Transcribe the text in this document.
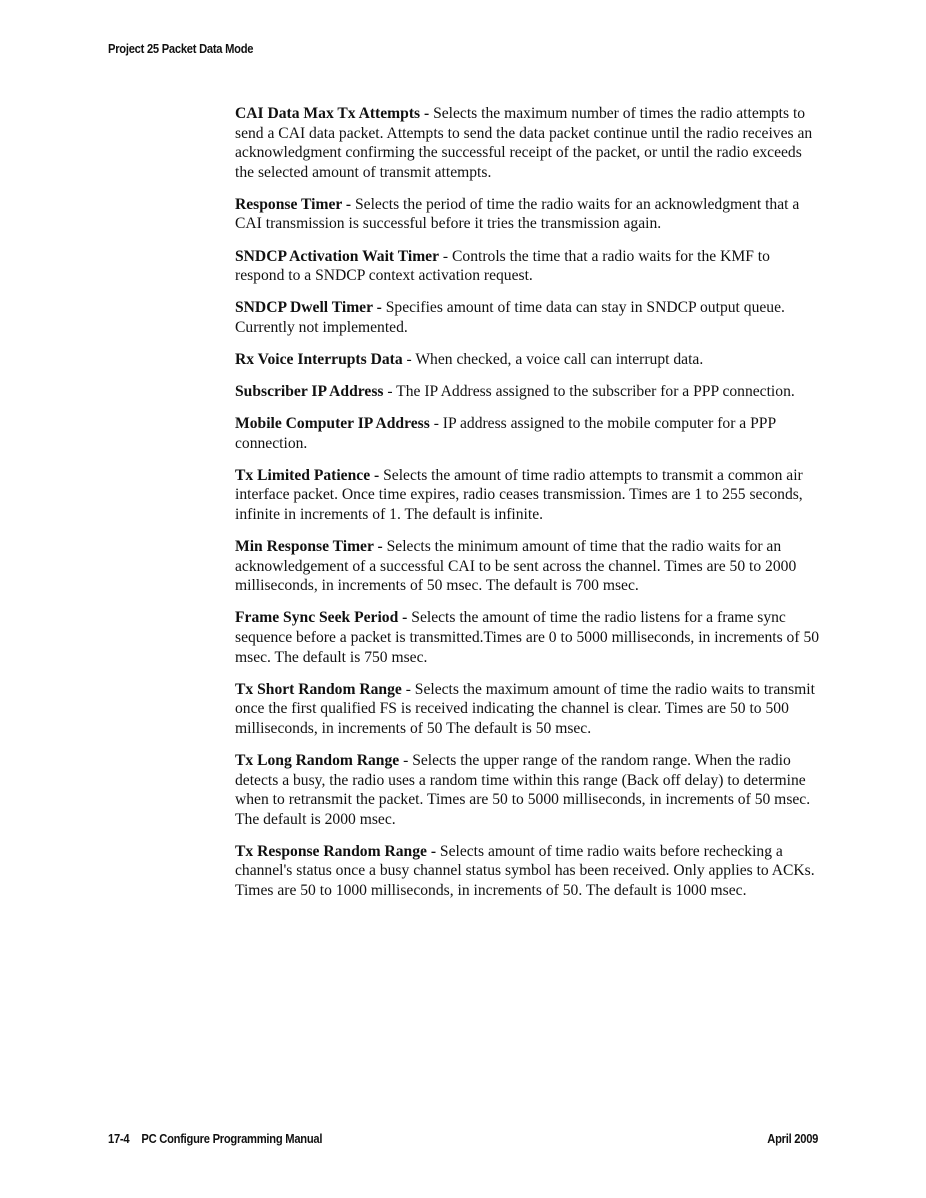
Project 25 Packet Data Mode

CAI Data Max Tx Attempts - Selects the maximum number of times the radio attempts to send a CAI data packet. Attempts to send the data packet continue until the radio receives an acknowledgment confirming the successful receipt of the packet, or until the radio exceeds the selected amount of transmit attempts.

Response Timer - Selects the period of time the radio waits for an acknowledgment that a CAI transmission is successful before it tries the transmission again.

SNDCP Activation Wait Timer - Controls the time that a radio waits for the KMF to respond to a SNDCP context activation request.

SNDCP Dwell Timer - Specifies amount of time data can stay in SNDCP output queue. Currently not implemented.

Rx Voice Interrupts Data - When checked, a voice call can interrupt data.

Subscriber IP Address - The IP Address assigned to the subscriber for a PPP connection.

Mobile Computer IP Address - IP address assigned to the mobile computer for a PPP connection.

Tx Limited Patience - Selects the amount of time radio attempts to transmit a common air interface packet. Once time expires, radio ceases transmission. Times are 1 to 255 seconds, infinite in increments of 1. The default is infinite.

Min Response Timer - Selects the minimum amount of time that the radio waits for an acknowledgement of a successful CAI to be sent across the channel. Times are 50 to 2000 milliseconds, in increments of 50 msec. The default is 700 msec.

Frame Sync Seek Period - Selects the amount of time the radio listens for a frame sync sequence before a packet is transmitted.Times are 0 to 5000 milliseconds, in increments of 50 msec. The default is 750 msec.

Tx Short Random Range - Selects the maximum amount of time the radio waits to transmit once the first qualified FS is received indicating the channel is clear. Times are 50 to 500 milliseconds, in increments of 50 The default is 50 msec.

Tx Long Random Range - Selects the upper range of the random range. When the radio detects a busy, the radio uses a random time within this range (Back off delay) to determine when to retransmit the packet. Times are 50 to 5000 milliseconds, in increments of 50 msec. The default is 2000 msec.

Tx Response Random Range - Selects amount of time radio waits before rechecking a channel's status once a busy channel status symbol has been received. Only applies to ACKs. Times are 50 to 1000 milliseconds, in increments of 50. The default is 1000 msec.

17-4 PC Configure Programming Manual	April 2009
